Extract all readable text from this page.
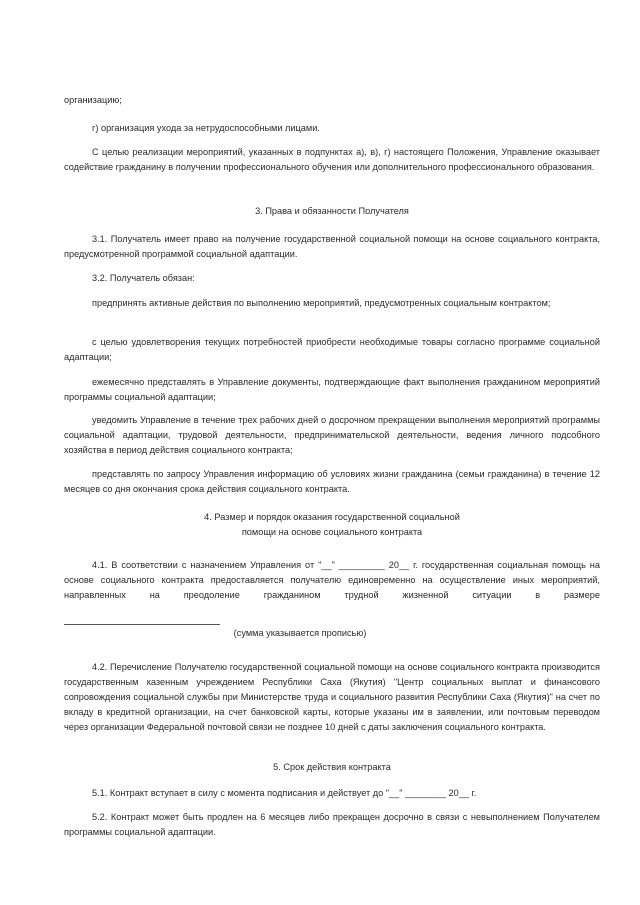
организацию;

г) организация ухода за нетрудоспособными лицами.

С целью реализации мероприятий, указанных в подпунктах а), в), г) настоящего Положения, Управление оказывает содействие гражданину в получении профессионального обучения или дополнительного профессионального образования.

3. Права и обязанности Получателя

3.1. Получатель имеет право на получение государственной социальной помощи на основе социального контракта, предусмотренной программой социальной адаптации.

3.2. Получатель обязан:

предпринять активные действия по выполнению мероприятий, предусмотренных социальным контрактом;

с целью удовлетворения текущих потребностей приобрести необходимые товары согласно программе социальной адаптации;

ежемесячно представлять в Управление документы, подтверждающие факт выполнения гражданином мероприятий программы социальной адаптации;

уведомить Управление в течение трех рабочих дней о досрочном прекращении выполнения мероприятий программы социальной адаптации, трудовой деятельности, предпринимательской деятельности, ведения личного подсобного хозяйства в период действия социального контракта;

представлять по запросу Управления информацию об условиях жизни гражданина (семьи гражданина) в течение 12 месяцев со дня окончания срока действия социального контракта.

4. Размер и порядок оказания государственной социальной

помощи на основе социального контракта

4.1. В соответствии с назначением Управления от "__" _________ 20__ г. государственная социальная помощь на основе социального контракта предоставляется получателю единовременно на осуществление иных мероприятий, направленных на преодоление гражданином трудной жизненной ситуации в размере

(сумма указывается прописью)

4.2. Перечисление Получателю государственной социальной помощи на основе социального контракта производится государственным казенным учреждением Республики Саха (Якутия) "Центр социальных выплат и финансового сопровождения социальной службы при Министерстве труда и социального развития Республики Саха (Якутия)" на счет по вкладу в кредитной организации, на счет банковской карты, которые указаны им в заявлении, или почтовым переводом через организации Федеральной почтовой связи не позднее 10 дней с даты заключения социального контракта.

5. Срок действия контракта

5.1. Контракт вступает в силу с момента подписания и действует до "__" ________ 20__ г.

5.2. Контракт может быть продлен на 6 месяцев либо прекращен досрочно в связи с невыполнением Получателем программы социальной адаптации.
